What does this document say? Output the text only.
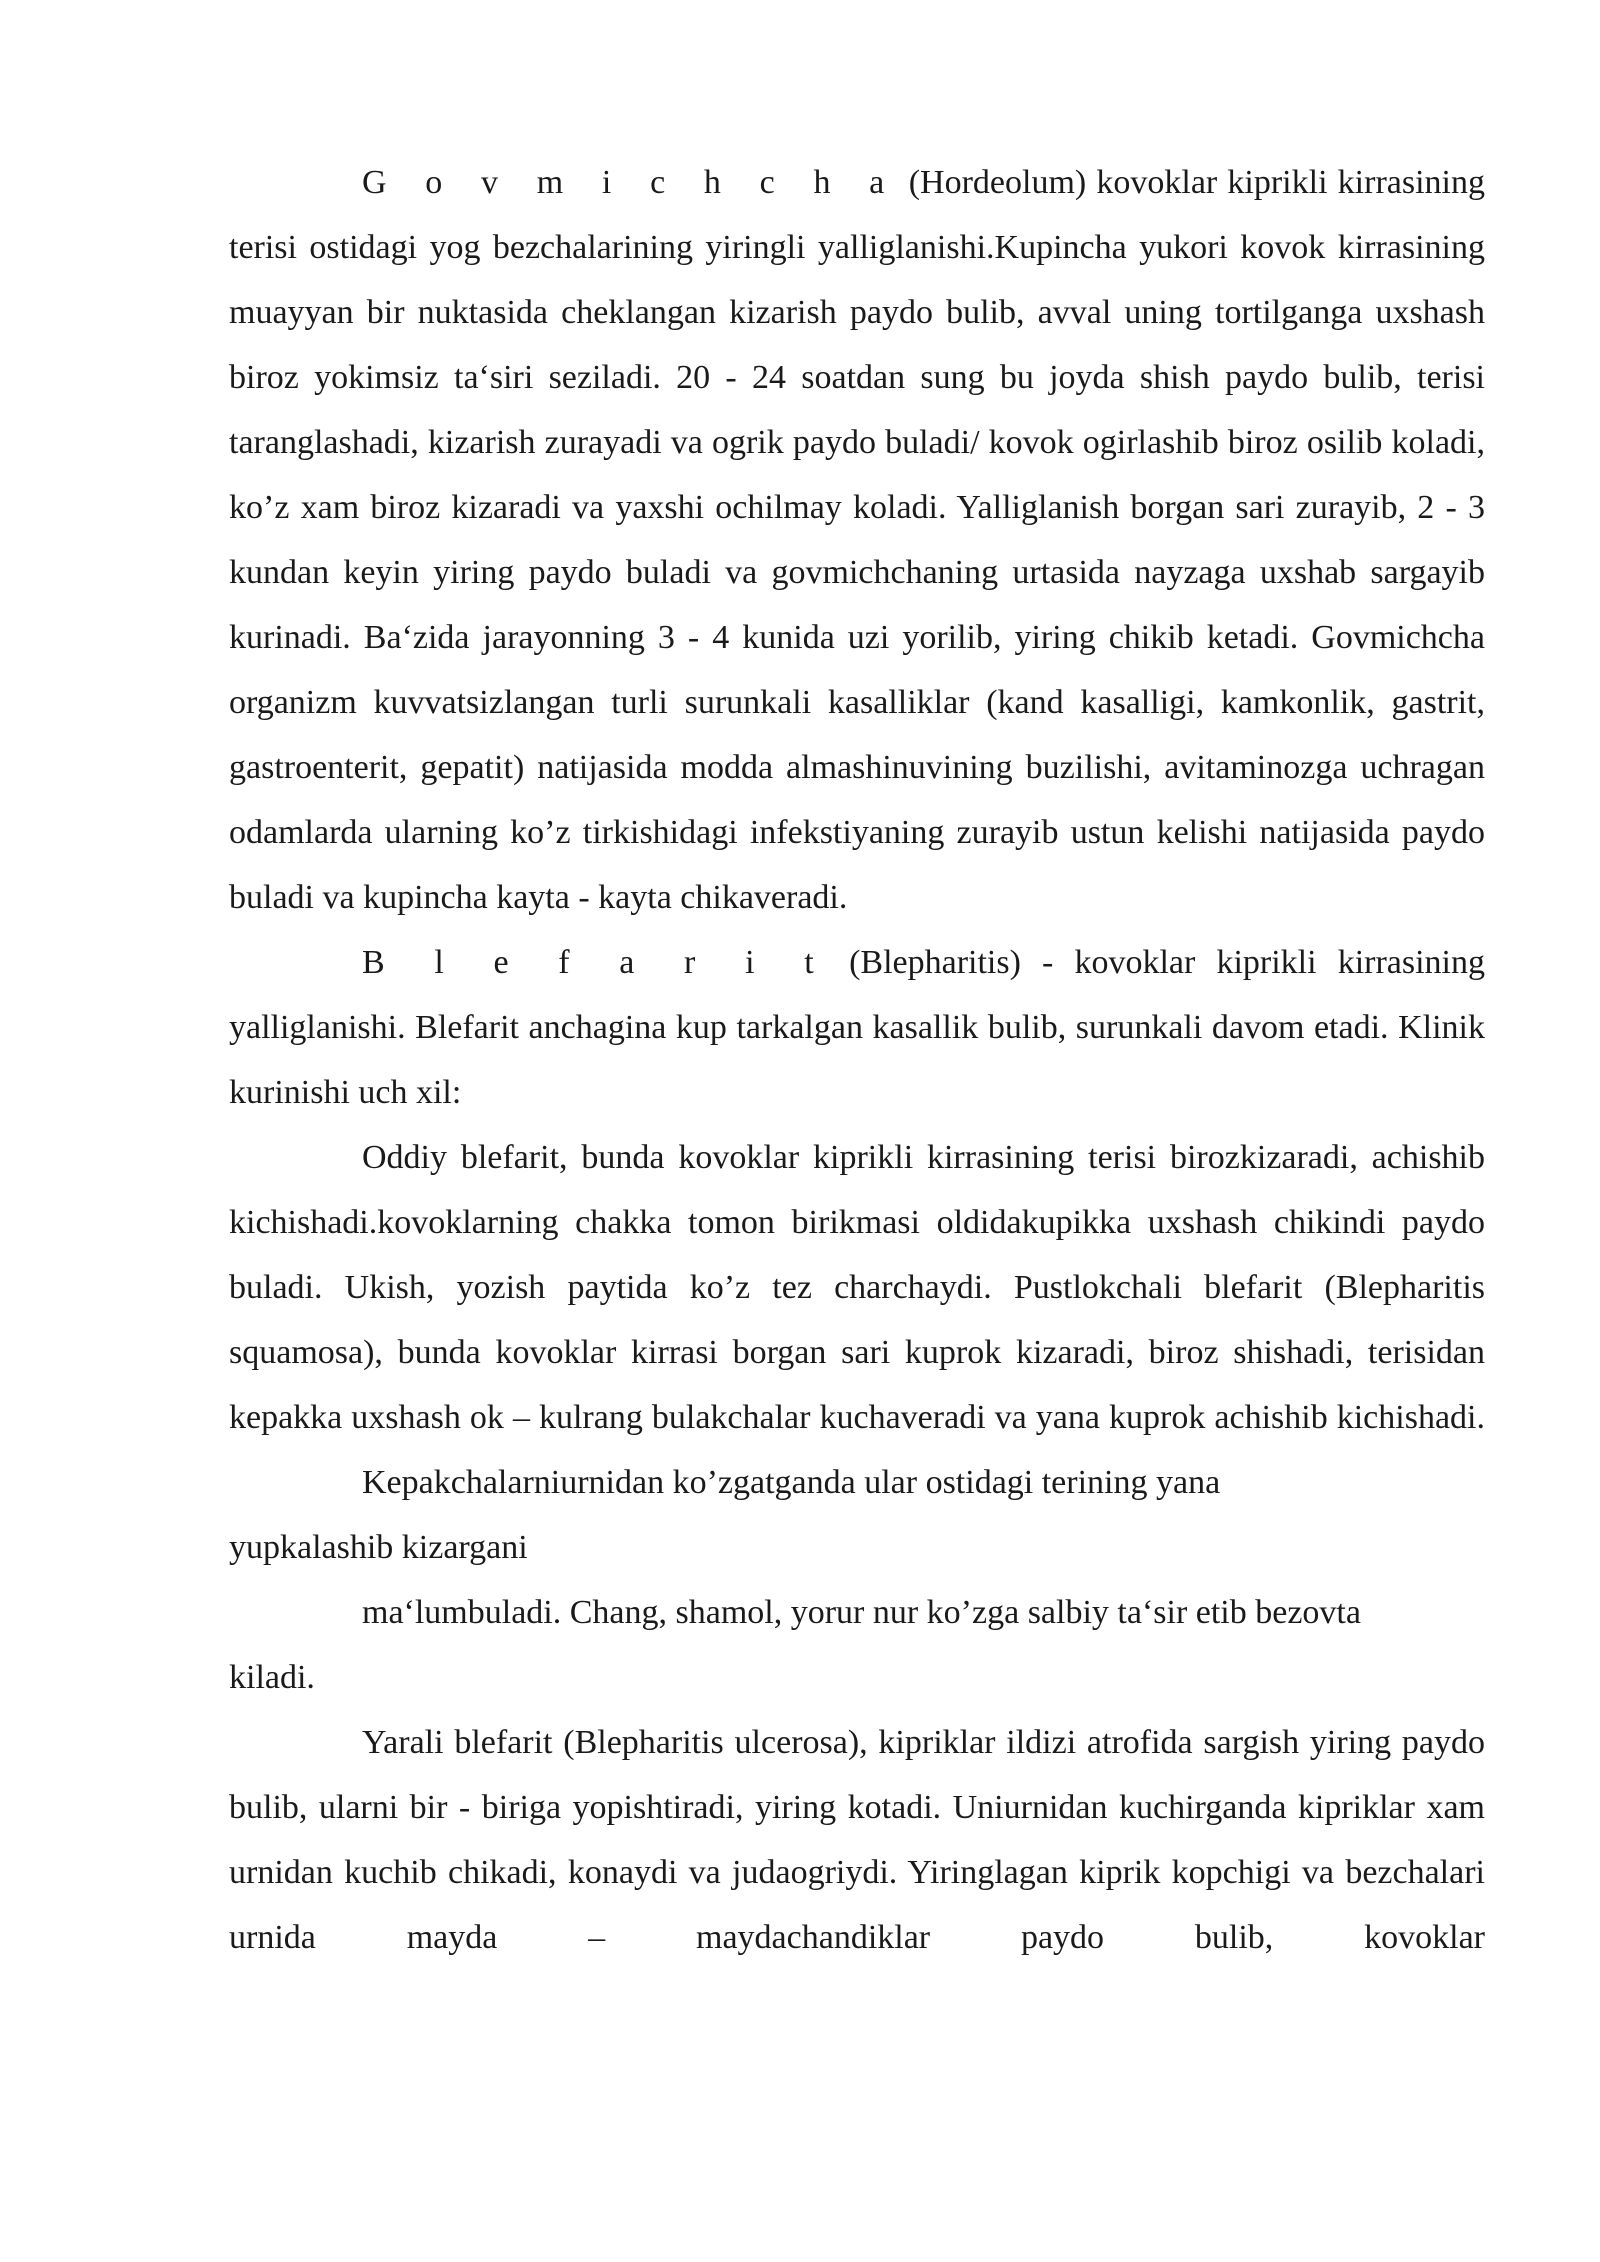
G o v m i c h c h a (Hordeolum) kovoklar kiprikli kirrasining terisi ostidagi yog bezchalarining yiringli yalliglanishi.Kupincha yukori kovok kirrasining muayyan bir nuktasida cheklangan kizarish paydo bulib, avval uning tortilganga uxshash biroz yokimsiz ta‘siri seziladi. 20 - 24 soatdan sung bu joyda shish paydo bulib, terisi taranglashadi, kizarish zurayadi va ogrik paydo buladi/ kovok ogirlashib biroz osilib koladi, ko’z xam biroz kizaradi va yaxshi ochilmay koladi. Yalliglanish borgan sari zurayib, 2 - 3 kundan keyin yiring paydo buladi va govmichchaning urtasida nayzaga uxshab sargayib kurinadi. Ba‘zida jarayonning 3 - 4 kunida uzi yorilib, yiring chikib ketadi. Govmichcha organizm kuvvatsizlangan turli surunkali kasalliklar (kand kasalligi, kamkonlik, gastrit, gastroenterit, gepatit) natijasida modda almashinuvining buzilishi, avitaminozga uchragan odamlarda ularning ko’z tirkishidagi infekstiyaning zurayib ustun kelishi natijasida paydo buladi va kupincha kayta - kayta chikaveradi.

B l e f a r i t (Blepharitis) - kovoklar kiprikli kirrasining yalliglanishi. Blefarit anchagina kup tarkalgan kasallik bulib, surunkali davom etadi. Klinik kurinishi uch xil:

Oddiy blefarit, bunda kovoklar kiprikli kirrasining terisi birozkizaradi, achishib kichishadi.kovoklarning chakka tomon birikmasi oldidakupikka uxshash chikindi paydo buladi. Ukish, yozish paytida ko’z tez charchaydi. Pustlokchali blefarit (Blepharitis squamosa), bunda kovoklar kirrasi borgan sari kuprok kizaradi, biroz shishadi, terisidan kepakka uxshash ok – kulrang bulakchalar kuchaveradi va yana kuprok achishib kichishadi.

Kepakchalarniurnidan ko’zgatganda ular ostidagi terining yana

yupkalashib kizargani

ma‘lumbuladi. Chang, shamol, yorur nur ko’zga salbiy ta‘sir etib bezovta

kiladi.

Yarali blefarit (Blepharitis ulcerosa), kipriklar ildizi atrofida sargish yiring paydo bulib, ularni bir - biriga yopishtiradi, yiring kotadi. Uniurnidan kuchirganda kipriklar xam urnidan kuchib chikadi, konaydi va judaogriydi. Yiringlagan kiprik kopchigi va bezchalari urnida mayda – maydachandiklar paydo bulib, kovoklar
